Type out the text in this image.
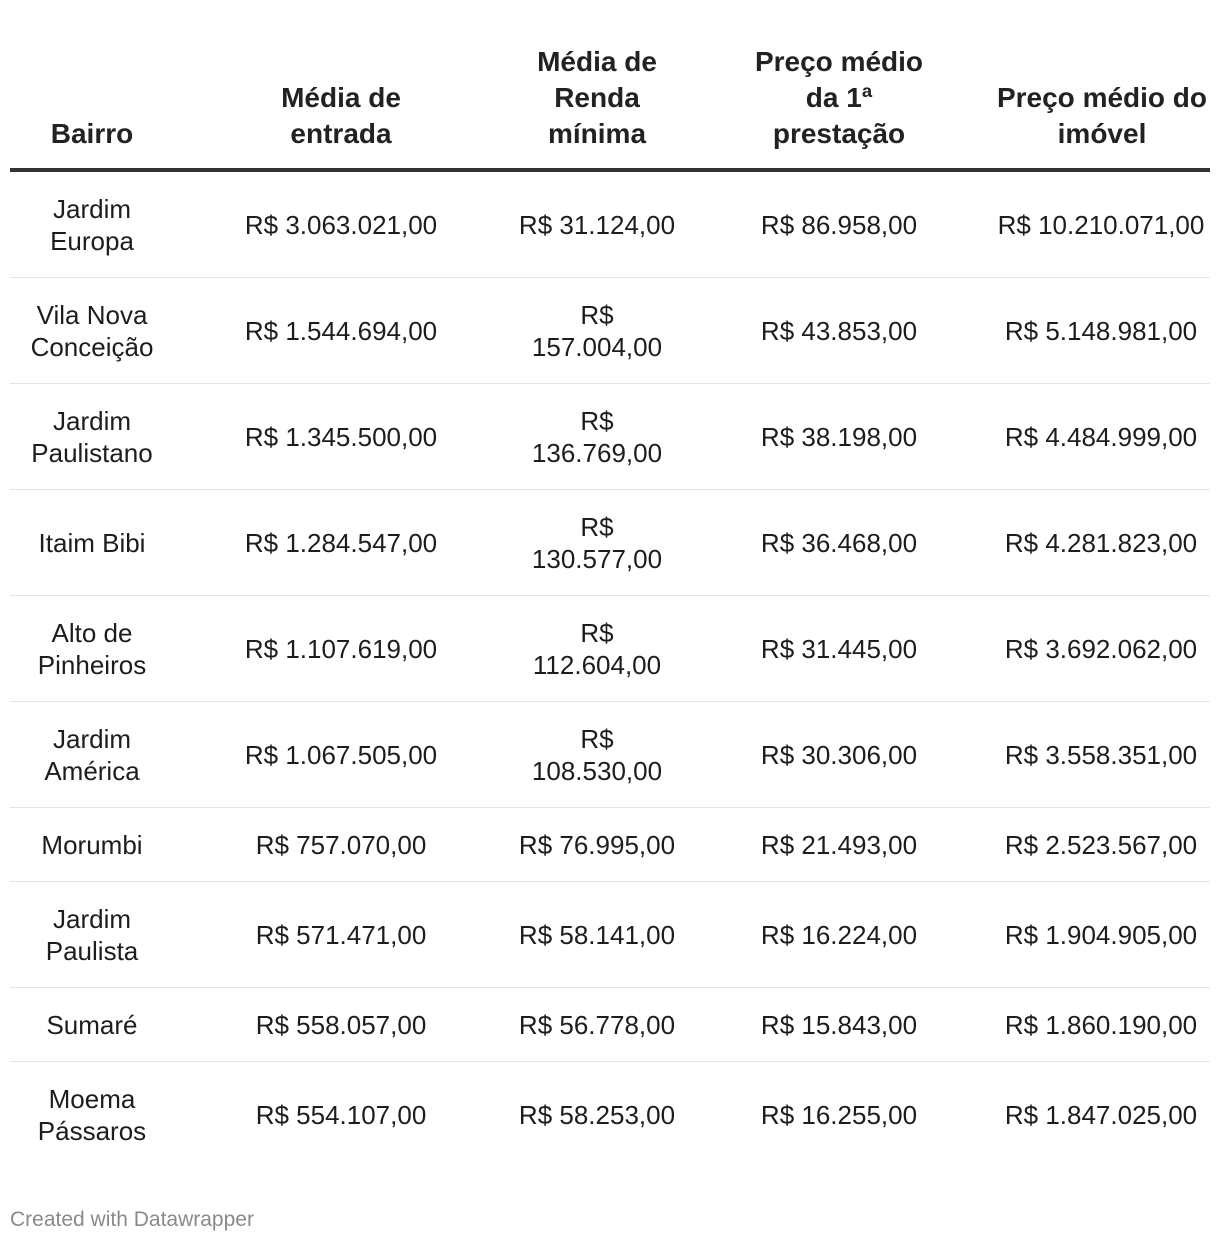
Bairro	Média de entrada	Média de Renda mínima	Preço médio da 1ª prestação	Preço médio do imóvel
Jardim Europa	R$ 3.063.021,00	R$ 31.124,00	R$ 86.958,00	R$ 10.210.071,00
Vila Nova Conceição	R$ 1.544.694,00	R$ 157.004,00	R$ 43.853,00	R$ 5.148.981,00
Jardim Paulistano	R$ 1.345.500,00	R$ 136.769,00	R$ 38.198,00	R$ 4.484.999,00
Itaim Bibi	R$ 1.284.547,00	R$ 130.577,00	R$ 36.468,00	R$ 4.281.823,00
Alto de Pinheiros	R$ 1.107.619,00	R$ 112.604,00	R$ 31.445,00	R$ 3.692.062,00
Jardim América	R$ 1.067.505,00	R$ 108.530,00	R$ 30.306,00	R$ 3.558.351,00
Morumbi	R$ 757.070,00	R$ 76.995,00	R$ 21.493,00	R$ 2.523.567,00
Jardim Paulista	R$ 571.471,00	R$ 58.141,00	R$ 16.224,00	R$ 1.904.905,00
Sumaré	R$ 558.057,00	R$ 56.778,00	R$ 15.843,00	R$ 1.860.190,00
Moema Pássaros	R$ 554.107,00	R$ 58.253,00	R$ 16.255,00	R$ 1.847.025,00
Created with Datawrapper
